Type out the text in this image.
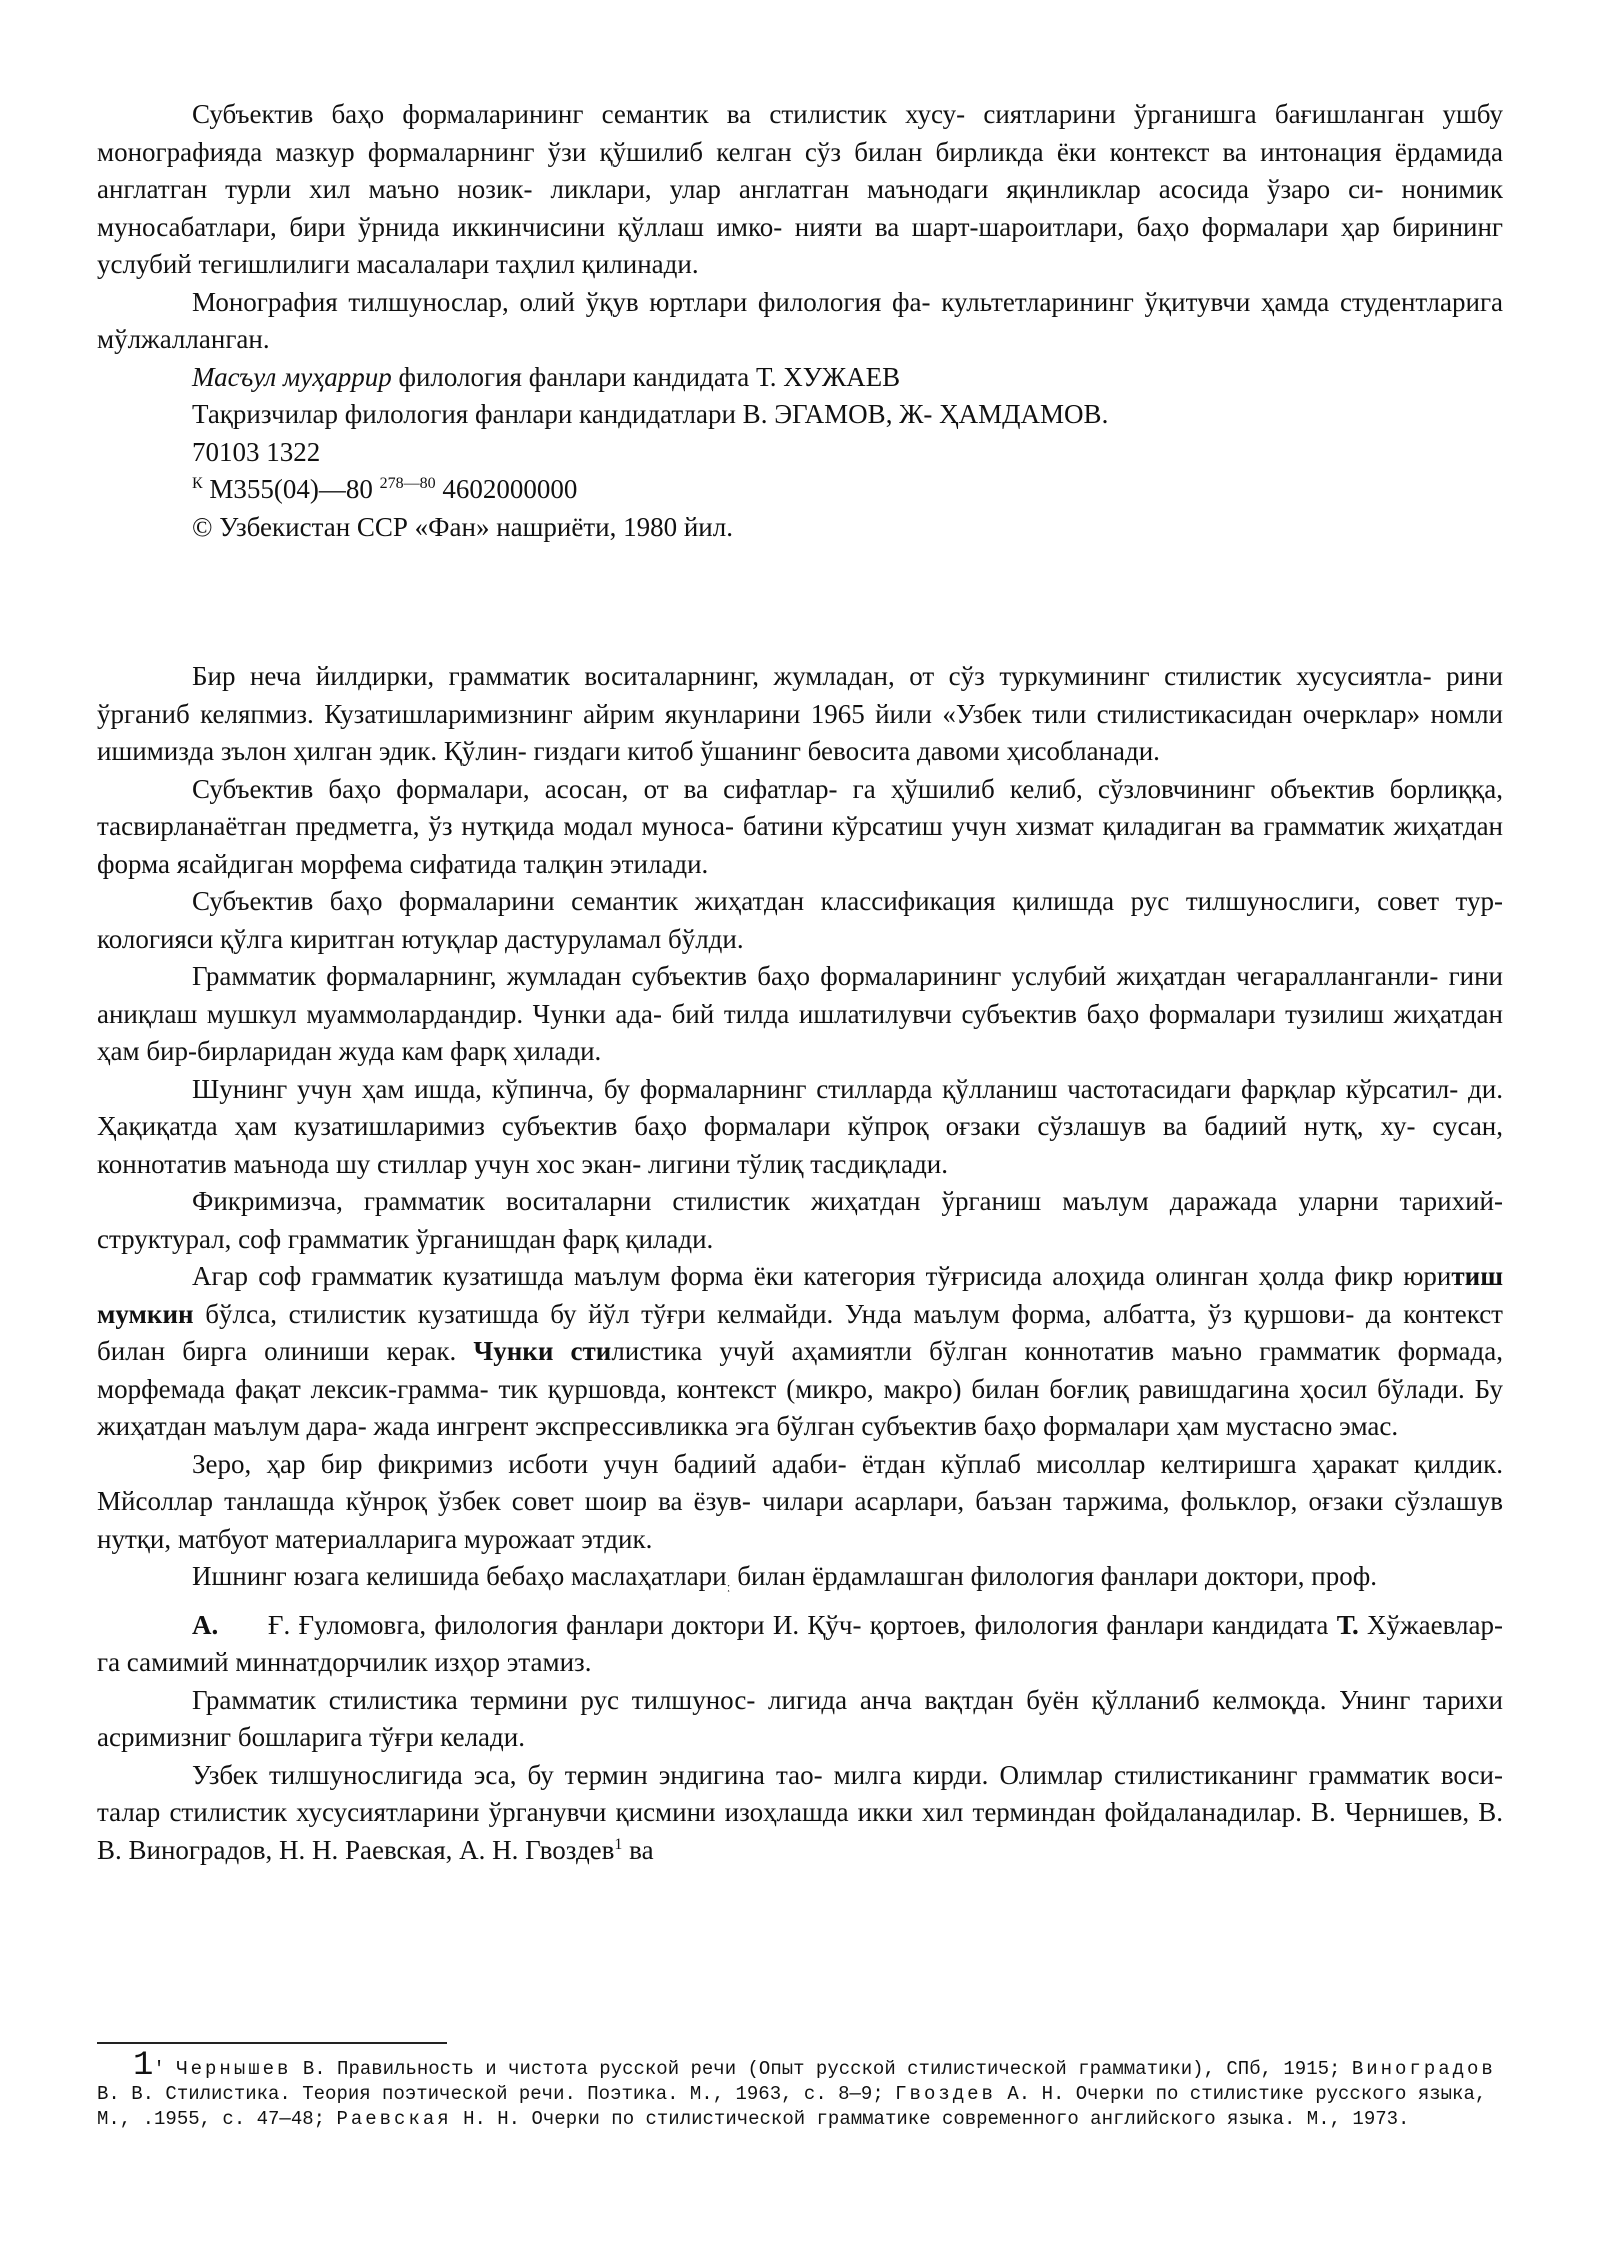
Субъектив баҳо формаларининг семантик ва стилистик хусу- сиятларини ўрганишга бағишланган ушбу монографияда мазкур формаларнинг ўзи қўшилиб келган сўз билан бирликда ёки контекст ва интонация ёрдамида англатган турли хил маъно нозик- ликлари, улар англатган маънодаги яқинликлар асосида ўзаро си- нонимик муносабатлари, бири ўрнида иккинчисини қўллаш имко- нияти ва шарт-шароитлари, баҳо формалари ҳар бирининг услубий тегишлилиги масалалари таҳлил қилинади.

Монография тилшунослар, олий ўқув юртлари филология фа- культетларининг ўқитувчи ҳамда студентларига мўлжалланган.

Масъул муҳаррир филология фанлари кандидата Т. ХУЖАЕВ
Тақризчилар филология фанлари кандидатлари В. ЭГАМОВ, Ж- ҲАМДАМОВ.
70103 1322
$^К$ М355(04)—80 $^{278—80}$ 4602000000
© Узбекистан ССР «Фан» нашриёти, 1980 йил.

Бир неча йилдирки, грамматик воситаларнинг, жумладан, от сўз туркумининг стилистик хусусиятла- рини ўрганиб келяпмиз. Кузатишларимизнинг айрим якунларини 1965 йили «Узбек тили стилистикасидан очерклар» номли ишимизда зълон ҳилган эдик. Қўлин- гиздаги китоб ўшанинг бевосита давоми ҳисобланади.

Субъектив баҳо формалари, асосан, от ва сифатлар- га ҳўшилиб келиб, сўзловчининг объектив борлиққа, тасвирланаётган предметга, ўз нутқида модал муноса- батини кўрсатиш учун хизмат қиладиган ва грамматик жиҳатдан форма ясайдиган морфема сифатида талқин этилади.

Субъектив баҳо формаларини семантик жиҳатдан классификация қилишда рус тилшунослиги, совет тур- кологияси қўлга киритган ютуқлар дастуруламал бўлди.

Грамматик формаларнинг, жумладан субъектив баҳо формаларининг услубий жиҳатдан чегаралланганли- гини аниқлаш мушкул муаммолардандир. Чунки ада- бий тилда ишлатилувчи субъектив баҳо формалари тузилиш жиҳатдан ҳам бир-бирларидан жуда кам фарқ ҳилади.

Шунинг учун ҳам ишда, кўпинча, бу формаларнинг стилларда қўлланиш частотасидаги фарқлар кўрсатил- ди. Ҳақиқатда ҳам кузатишларимиз субъектив баҳо формалари кўпроқ оғзаки сўзлашув ва бадиий нутқ, ху- сусан, коннотатив маънода шу стиллар учун хос экан- лигини тўлиқ тасдиқлади.

Фикримизча, грамматик воситаларни стилистик жиҳатдан ўрганиш маълум даражада уларни тарихий- структурал, соф грамматик ўрганишдан фарқ қилади.

Агар соф грамматик кузатишда маълум форма ёки категория тўғрисида алоҳида олинган ҳолда фикр юритиш мумкин бўлса, стилистик кузатишда бу йўл тўғри келмайди. Унда маълум форма, албатта, ўз қуршови- да контекст билан бирга олиниши керак. Чунки стилистика учуй аҳамиятли бўлган коннотатив маъно грамматик формада, морфемада фақат лексик-грамма- тик қуршовда, контекст (микро, макро) билан боғлиқ равишдагина ҳосил бўлади. Бу жиҳатдан маълум дара- жада ингрент экспрессивликка эга бўлган субъектив баҳо формалари ҳам мустасно эмас.

Зеро, ҳар бир фикримиз исботи учун бадиий адаби- ётдан кўплаб мисоллар келтиришга ҳаракат қилдик. Мйсоллар танлашда кўнроқ ўзбек совет шоир ва ёзув- чилари асарлари, баъзан таржима, фольклор, оғзаки сўзлашув нутқи, матбуот материалларига мурожаат этдик.

Ишнинг юзага келишида бебаҳо маслаҳатлари$_ː$ билан ёрдамлашган филология фанлари доктори, проф.

А.      Ғ. Ғуломовга, филология фанлари доктори И. Қўч- қортоев, филология фанлари кандидата Т. Хўжаевлар- га самимий миннатдорчилик изҳор этамиз.

Грамматик стилистика термини рус тилшунос- лигида анча вақтдан буён қўлланиб келмоқда. Унинг тарихи асримизниг бошларига тўғри келади.

Узбек тилшунослигида эса, бу термин эндигина тао- милга кирди. Олимлар стилистиканинг грамматик воси- талар стилистик хусусиятларини ўрганувчи қисмини изоҳлашда икки хил терминдан фойдаланадилар. В. Чернишев, В. В. Виноградов, Н. Н. Раевская, А. Н. Гвоздев$^1$ ва

1' Чернышев В. Правильность и чистота русской речи (Опыт русской стилистической грамматики), СПб, 1915; Виноградов В. В. Стилистика. Теория поэтической речи. Поэтика. М., 1963, с. 8—9; Гвоздев А. Н. Очерки по стилистике русского языка, М., .1955, с. 47—48; Раевская Н. Н. Очерки по стилистической грамматике современного английского языка. М., 1973.
